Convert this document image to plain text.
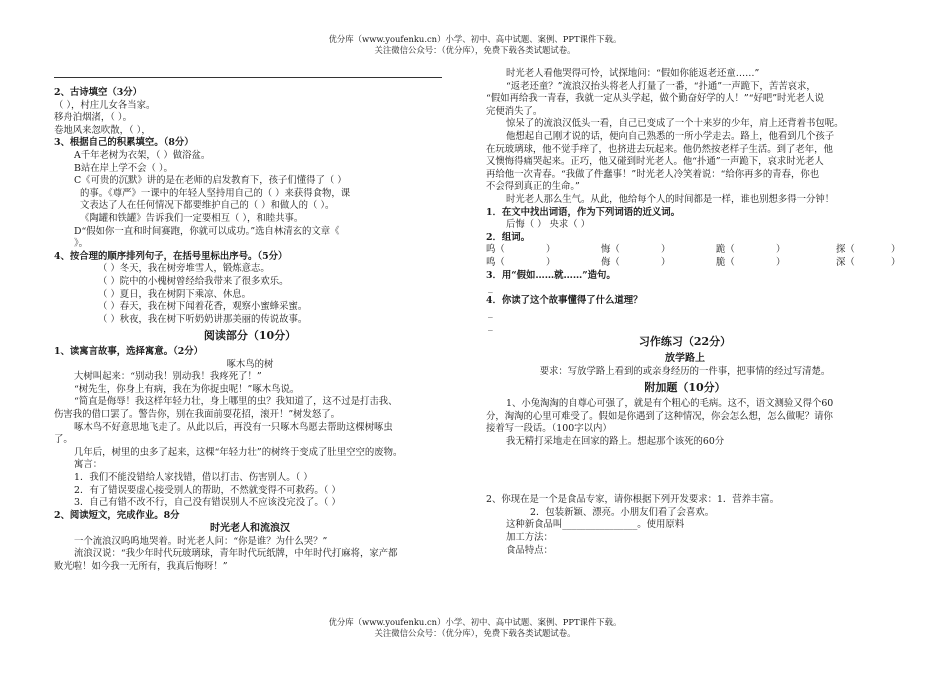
优分库（www.youfenku.cn）小学、初中、高中试题、案例、PPT课件下载。
关注微信公众号：（优分库），免费下载各类试题试卷。

2、古诗填空（3分）

（ ），村庄儿女各当家。

移舟泊烟渚，（ ）。

卷地风来忽吹散，（ ），

3、根据自己的积累填空。（8分）

A千年老树为衣架，（ ）做浴盆。

B站在岸上学不会（ ）。

C《可贵的沉默》讲的是在老师的启发教育下，孩子们懂得了（ ）

的事。《尊严》一课中的年轻人坚持用自己的（ ）来获得食物，课

文表达了人在任何情况下都要维护自己的（ ）和做人的（ ）。

《陶罐和铁罐》告诉我们一定要相互（ ），和睦共事。

D“假如你一直和时间赛跑，你就可以成功。”选自林清玄的文章《

》。

4、按合理的顺序排列句子，在括号里标出序号。（5分）

（ ）冬天，我在树旁堆雪人，锻炼意志。

（ ）院中的小槐树曾经给我带来了很多欢乐。

（ ）夏日，我在树阴下乘凉、休息。

（ ）春天，我在树下闻着花香，观察小蜜蜂采蜜。

（ ）秋夜，我在树下听奶奶讲那美丽的传说故事。

阅读部分（10分）

1、读寓言故事，选择寓意。（2分）

啄木鸟的树

大树叫起来：“别动我！别动我！我疼死了！”

“树先生，你身上有病，我在为你捉虫呢！”啄木鸟说。

“简直是侮辱！我这样年轻力壮，身上哪里的虫？我知道了，这不过是打击我、

伤害我的借口罢了。警告你，别在我面前耍花招，滚开！”树发怒了。

啄木鸟不好意思地飞走了。从此以后，再没有一只啄木鸟愿去帮助这棵树啄虫

了。

几年后，树里的虫多了起来，这棵“年轻力壮”的树终于变成了肚里空空的废物。

寓言：

1．我们不能没错给人家找错，借以打击、伤害别人。（ ）

2．有了错误要虚心接受别人的帮助，不然就变得不可救药。（ ）

3．自己有错不改不行，自己没有错误别人不应该没完没了。（ ）

2、阅读短文，完成作业。8分

时光老人和流浪汉

一个流浪汉呜呜地哭着。时光老人问：“你是谁？为什么哭？”

流浪汉说：“我少年时代玩玻璃球，青年时代玩纸牌，中年时代打麻将，家产都

败光啦！如今我一无所有，我真后悔呀！”

时光老人看他哭得可怜，试探地问：“假如你能返老还童……”

“返老还童？”流浪汉抬头将老人打量了一番，“扑通”一声跪下，苦苦哀求，

“假如再给我一青春，我就一定从头学起，做个勤奋好学的人！”“好吧”时光老人说

完便消失了。

惊呆了的流浪汉低头一看，自己已变成了一个十来岁的少年，肩上还背着书包呢。

他想起自己刚才说的话，便向自己熟悉的一所小学走去。路上，他看到几个孩子

在玩玻璃球，他不觉手痒了，也挤进去玩起来。他仍然按老样子生活。到了老年，他

又懊悔得痛哭起来。正巧，他又碰到时光老人。他“扑通”一声跪下，哀求时光老人

再给他一次青春。“我做了件蠢事！”时光老人冷笑着说：“给你再多的青春，你也

不会得到真正的生命。”

时光老人那么生气。从此，他给每个人的时间都是一样，谁也别想多得一分钟！

1．在文中找出词语，作为下列词语的近义词。

后悔（ ） 央求（ ）

2．组词。

呜（	）	悔（	）	跪（	）	探（	）
鸣（	）	侮（	）	脆（	）	深（	）

3．用“假如……就……”造句。

_

4．你读了这个故事懂得了什么道理？

_

_

习作练习（22分）

放学路上

要求：写放学路上看到的或亲身经历的一件事，把事情的经过写清楚。

附加题（10分）

1、小兔淘淘的自尊心可强了，就是有个粗心的毛病。这不，语文测验又得个60

分，淘淘的心里可难受了。假如是你遇到了这种情况，你会怎么想，怎么做呢？请你

接着写一段话。（100字以内）

我无精打采地走在回家的路上。想起那个该死的60分

2、你现在是一个是食品专家，请你根据下列开发要求：1．营养丰富。

2．包装新颖、漂亮。小朋友们看了会喜欢。

这种新食品叫________________。使用原料

加工方法：

食品特点：

优分库（www.youfenku.cn）小学、初中、高中试题、案例、PPT课件下载。
关注微信公众号：（优分库），免费下载各类试题试卷。
